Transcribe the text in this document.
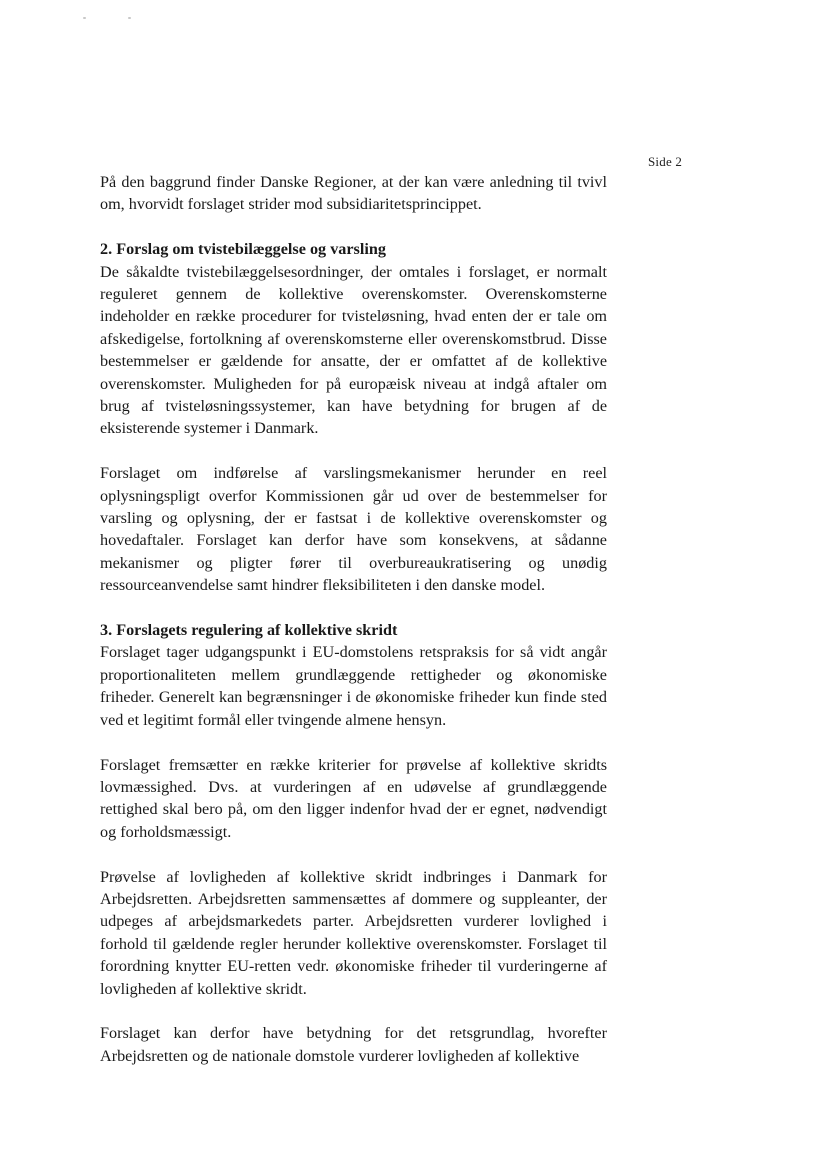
Side 2

På den baggrund finder Danske Regioner, at der kan være anledning til tvivl om, hvorvidt forslaget strider mod subsidiaritetsprincippet.

2. Forslag om tvistebilæggelse og varsling

De såkaldte tvistebilæggelsesordninger, der omtales i forslaget, er normalt reguleret gennem de kollektive overenskomster. Overenskomsterne indeholder en række procedurer for tvisteløsning, hvad enten der er tale om afskedigelse, fortolkning af overenskomsterne eller overenskomstbrud. Disse bestemmelser er gældende for ansatte, der er omfattet af de kollektive overenskomster. Muligheden for på europæisk niveau at indgå aftaler om brug af tvisteløsningssystemer, kan have betydning for brugen af de eksisterende systemer i Danmark.

Forslaget om indførelse af varslingsmekanismer herunder en reel oplysningspligt overfor Kommissionen går ud over de bestemmelser for varsling og oplysning, der er fastsat i de kollektive overenskomster og hovedaftaler. Forslaget kan derfor have som konsekvens, at sådanne mekanismer og pligter fører til overbureaukratisering og unødig ressourceanvendelse samt hindrer fleksibiliteten i den danske model.

3. Forslagets regulering af kollektive skridt

Forslaget tager udgangspunkt i EU-domstolens retspraksis for så vidt angår proportionaliteten mellem grundlæggende rettigheder og økonomiske friheder. Generelt kan begrænsninger i de økonomiske friheder kun finde sted ved et legitimt formål eller tvingende almene hensyn.

Forslaget fremsætter en række kriterier for prøvelse af kollektive skridts lovmæssighed. Dvs. at vurderingen af en udøvelse af grundlæggende rettighed skal bero på, om den ligger indenfor hvad der er egnet, nødvendigt og forholdsmæssigt.

Prøvelse af lovligheden af kollektive skridt indbringes i Danmark for Arbejdsretten. Arbejdsretten sammensættes af dommere og suppleanter, der udpeges af arbejdsmarkedets parter. Arbejdsretten vurderer lovlighed i forhold til gældende regler herunder kollektive overenskomster. Forslaget til forordning knytter EU-retten vedr. økonomiske friheder til vurderingerne af lovligheden af kollektive skridt.

Forslaget kan derfor have betydning for det retsgrundlag, hvorefter Arbejdsretten og de nationale domstole vurderer lovligheden af kollektive
